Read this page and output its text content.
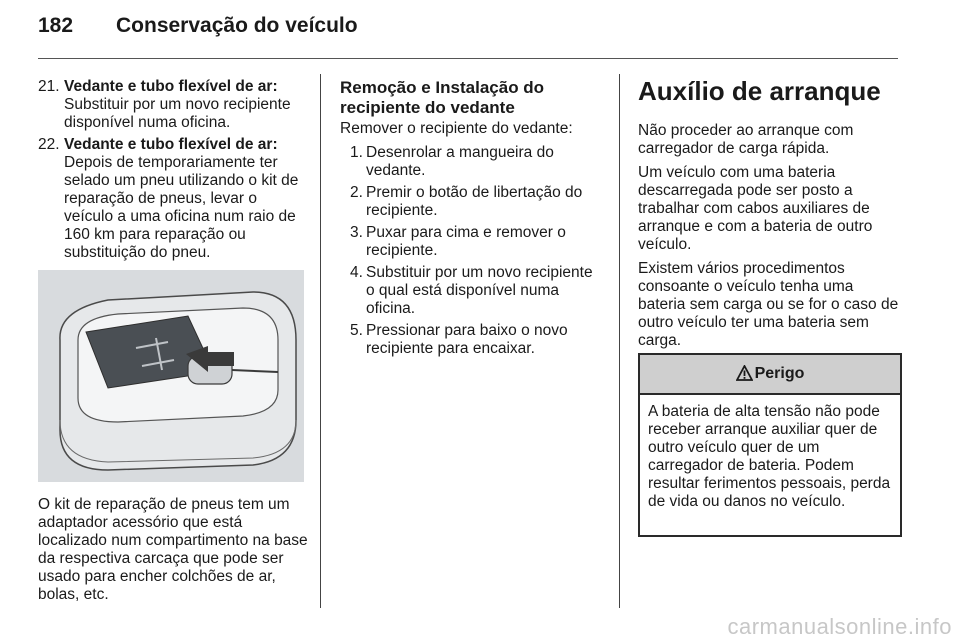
182 Conservação do veículo
21. Vedante e tubo flexível de ar:
Substituir por um novo recipiente disponível numa oficina.
22. Vedante e tubo flexível de ar:
Depois de temporariamente ter selado um pneu utilizando o kit de reparação de pneus, levar o veículo a uma oficina num raio de 160 km para reparação ou substituição do pneu.
O kit de reparação de pneus tem um adaptador acessório que está localizado num compartimento na base da respectiva carcaça que pode ser usado para encher colchões de ar, bolas, etc.
Remoção e Instalação do recipiente do vedante
Remover o recipiente do vedante:
1. Desenrolar a mangueira do vedante.
2. Premir o botão de libertação do recipiente.
3. Puxar para cima e remover o recipiente.
4. Substituir por um novo recipiente o qual está disponível numa oficina.
5. Pressionar para baixo o novo recipiente para encaixar.
Auxílio de arranque
Não proceder ao arranque com carregador de carga rápida.
Um veículo com uma bateria descarregada pode ser posto a trabalhar com cabos auxiliares de arranque e com a bateria de outro veículo.
Existem vários procedimentos consoante o veículo tenha uma bateria sem carga ou se for o caso de outro veículo ter uma bateria sem carga.
Perigo
A bateria de alta tensão não pode receber arranque auxiliar quer de outro veículo quer de um carregador de bateria. Podem resultar ferimentos pessoais, perda de vida ou danos no veículo.
carmanualsonline.info
